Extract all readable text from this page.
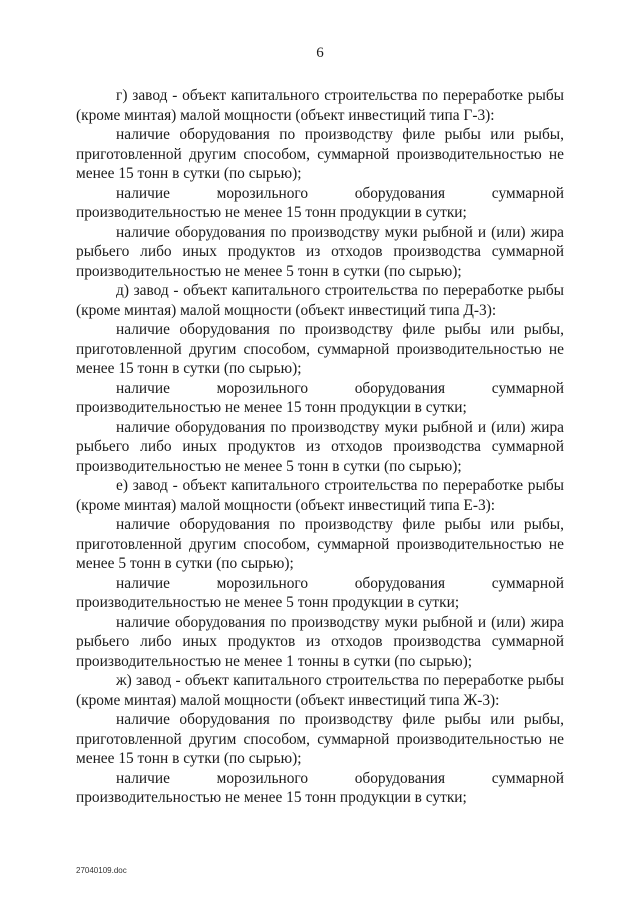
6

г) завод - объект капитального строительства по переработке рыбы (кроме минтая) малой мощности (объект инвестиций типа Г-3):

наличие оборудования по производству филе рыбы или рыбы, приготовленной другим способом, суммарной производительностью не менее 15 тонн в сутки (по сырью);

наличие морозильного оборудования суммарной производительностью не менее 15 тонн продукции в сутки;

наличие оборудования по производству муки рыбной и (или) жира рыбьего либо иных продуктов из отходов производства суммарной производительностью не менее 5 тонн в сутки (по сырью);

д) завод - объект капитального строительства по переработке рыбы (кроме минтая) малой мощности (объект инвестиций типа Д-3):

наличие оборудования по производству филе рыбы или рыбы, приготовленной другим способом, суммарной производительностью не менее 15 тонн в сутки (по сырью);

наличие морозильного оборудования суммарной производительностью не менее 15 тонн продукции в сутки;

наличие оборудования по производству муки рыбной и (или) жира рыбьего либо иных продуктов из отходов производства суммарной производительностью не менее 5 тонн в сутки (по сырью);

е) завод - объект капитального строительства по переработке рыбы (кроме минтая) малой мощности (объект инвестиций типа Е-3):

наличие оборудования по производству филе рыбы или рыбы, приготовленной другим способом, суммарной производительностью не менее 5 тонн в сутки (по сырью);

наличие морозильного оборудования суммарной производительностью не менее 5 тонн продукции в сутки;

наличие оборудования по производству муки рыбной и (или) жира рыбьего либо иных продуктов из отходов производства суммарной производительностью не менее 1 тонны в сутки (по сырью);

ж) завод - объект капитального строительства по переработке рыбы (кроме минтая) малой мощности (объект инвестиций типа Ж-3):

наличие оборудования по производству филе рыбы или рыбы, приготовленной другим способом, суммарной производительностью не менее 15 тонн в сутки (по сырью);

наличие морозильного оборудования суммарной производительностью не менее 15 тонн продукции в сутки;

27040109.doc
